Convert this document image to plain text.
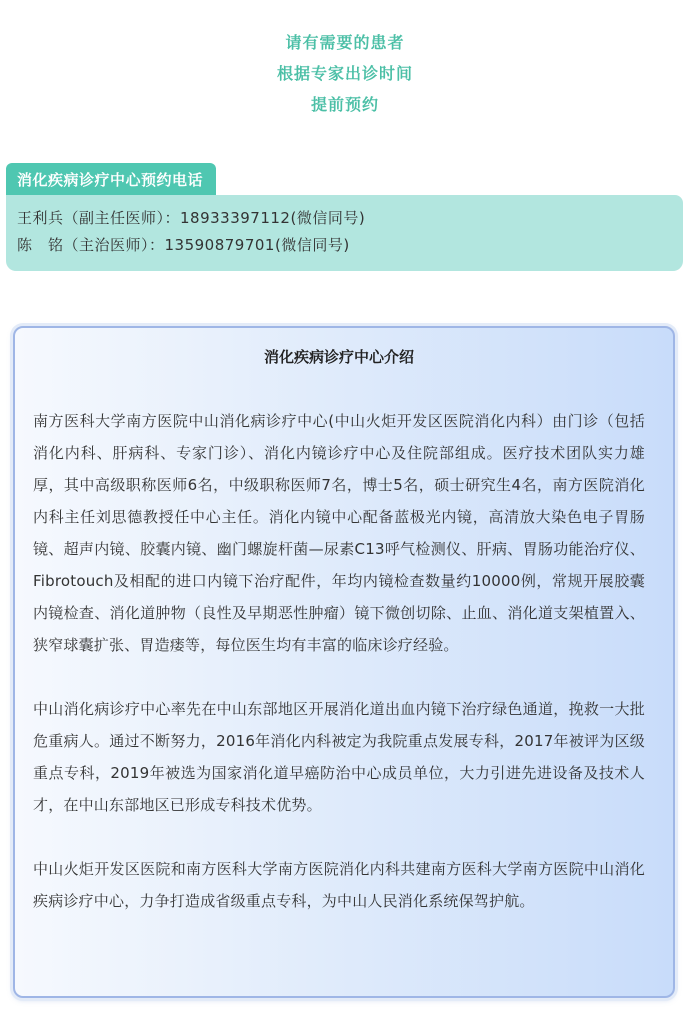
请有需要的患者
根据专家出诊时间
提前预约
消化疾病诊疗中心预约电话
王利兵（副主任医师）：18933397112(微信同号)
陈　铭（主治医师）：13590879701(微信同号)
消化疾病诊疗中心介绍

南方医科大学南方医院中山消化病诊疗中心(中山火炬开发区医院消化内科）由门诊（包括消化内科、肝病科、专家门诊）、消化内镜诊疗中心及住院部组成。医疗技术团队实力雄厚，其中高级职称医师6名，中级职称医师7名，博士5名，硕士研究生4名，南方医院消化内科主任刘思德教授任中心主任。消化内镜中心配备蓝极光内镜，高清放大染色电子胃肠镜、超声内镜、胶囊内镜、幽门螺旋杆菌—尿素C13呼气检测仪、肝病、胃肠功能治疗仪、Fibrotouch及相配的进口内镜下治疗配件，年均内镜检查数量约10000例，常规开展胶囊内镜检查、消化道肿物（良性及早期恶性肿瘤）镜下微创切除、止血、消化道支架植置入、狭窄球囊扩张、胃造瘘等，每位医生均有丰富的临床诊疗经验。

中山消化病诊疗中心率先在中山东部地区开展消化道出血内镜下治疗绿色通道，挽救一大批危重病人。通过不断努力，2016年消化内科被定为我院重点发展专科，2017年被评为区级重点专科，2019年被选为国家消化道早癌防治中心成员单位，大力引进先进设备及技术人才，在中山东部地区已形成专科技术优势。

中山火炬开发区医院和南方医科大学南方医院消化内科共建南方医科大学南方医院中山消化疾病诊疗中心，力争打造成省级重点专科，为中山人民消化系统保驾护航。
